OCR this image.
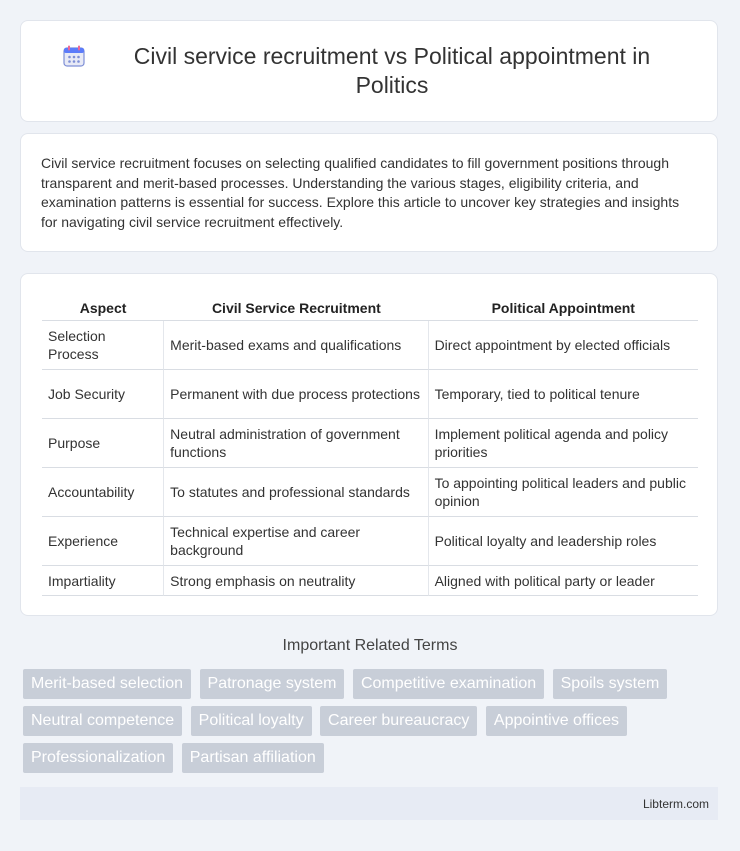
Civil service recruitment vs Political appointment in Politics

Civil service recruitment focuses on selecting qualified candidates to fill government positions through transparent and merit-based processes. Understanding the various stages, eligibility criteria, and examination patterns is essential for success. Explore this article to uncover key strategies and insights for navigating civil service recruitment effectively.

Aspect	Civil Service Recruitment	Political Appointment
Selection Process	Merit-based exams and qualifications	Direct appointment by elected officials
Job Security	Permanent with due process protections	Temporary, tied to political tenure
Purpose	Neutral administration of government functions	Implement political agenda and policy priorities
Accountability	To statutes and professional standards	To appointing political leaders and public opinion
Experience	Technical expertise and career background	Political loyalty and leadership roles
Impartiality	Strong emphasis on neutrality	Aligned with political party or leader
Important Related Terms
Merit-based selection Patronage system Competitive examination Spoils system
Neutral competence Political loyalty Career bureaucracy Appointive offices
Professionalization Partisan affiliation
Libterm.com
